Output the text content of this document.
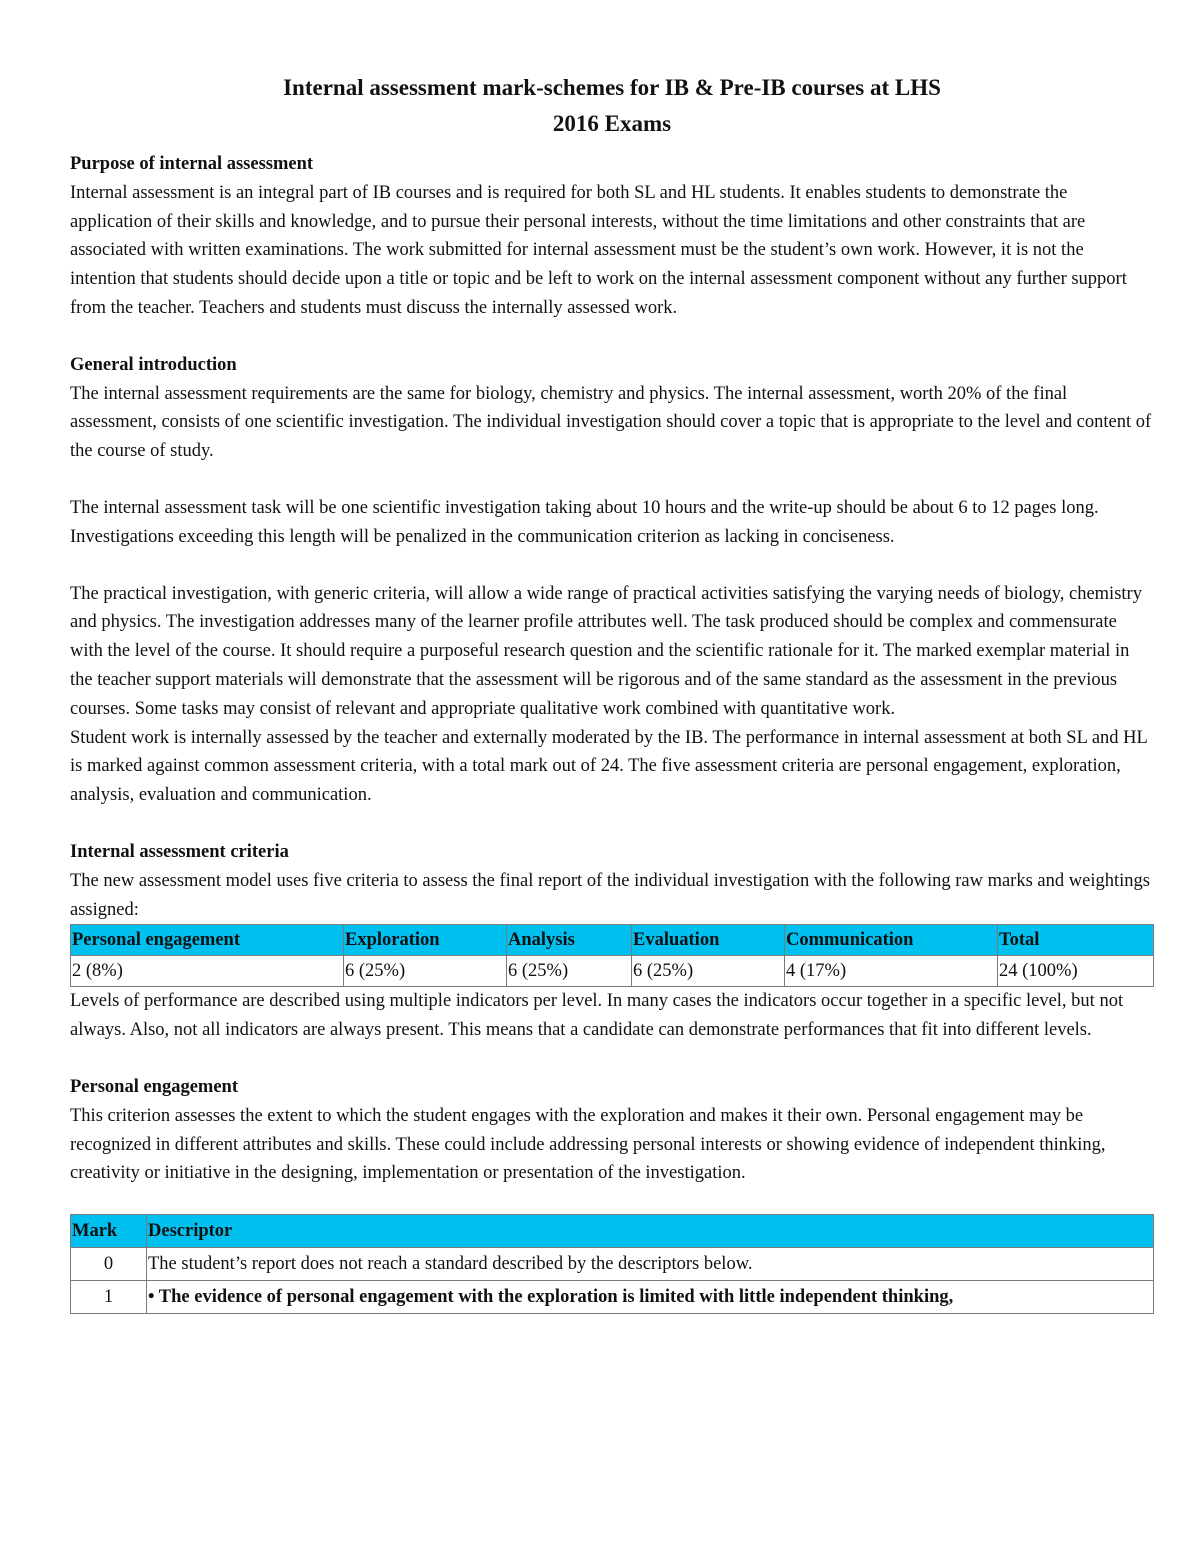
Internal assessment mark-schemes for IB & Pre-IB courses at LHS
2016 Exams
Purpose of internal assessment

Internal assessment is an integral part of IB courses and is required for both SL and HL students. It enables students to demonstrate the application of their skills and knowledge, and to pursue their personal interests, without the time limitations and other constraints that are associated with written examinations. The work submitted for internal assessment must be the student’s own work. However, it is not the intention that students should decide upon a title or topic and be left to work on the internal assessment component without any further support from the teacher. Teachers and students must discuss the internally assessed work.

General introduction

The internal assessment requirements are the same for biology, chemistry and physics. The internal assessment, worth 20% of the final assessment, consists of one scientific investigation. The individual investigation should cover a topic that is appropriate to the level and content of the course of study.

The internal assessment task will be one scientific investigation taking about 10 hours and the write-up should be about 6 to 12 pages long. Investigations exceeding this length will be penalized in the communication criterion as lacking in conciseness.

The practical investigation, with generic criteria, will allow a wide range of practical activities satisfying the varying needs of biology, chemistry and physics. The investigation addresses many of the learner profile attributes well. The task produced should be complex and commensurate with the level of the course. It should require a purposeful research question and the scientific rationale for it. The marked exemplar material in the teacher support materials will demonstrate that the assessment will be rigorous and of the same standard as the assessment in the previous courses. Some tasks may consist of relevant and appropriate qualitative work combined with quantitative work.

Student work is internally assessed by the teacher and externally moderated by the IB. The performance in internal assessment at both SL and HL is marked against common assessment criteria, with a total mark out of 24. The five assessment criteria are personal engagement, exploration, analysis, evaluation and communication.

Internal assessment criteria

The new assessment model uses five criteria to assess the final report of the individual investigation with the following raw marks and weightings assigned:

Personal engagement	Exploration	Analysis	Evaluation	Communication	Total
2 (8%)	6 (25%)	6 (25%)	6 (25%)	4 (17%)	24 (100%)

Levels of performance are described using multiple indicators per level. In many cases the indicators occur together in a specific level, but not always. Also, not all indicators are always present. This means that a candidate can demonstrate performances that fit into different levels.

Personal engagement

This criterion assesses the extent to which the student engages with the exploration and makes it their own. Personal engagement may be recognized in different attributes and skills. These could include addressing personal interests or showing evidence of independent thinking, creativity or initiative in the designing, implementation or presentation of the investigation.

Mark	Descriptor
0	The student’s report does not reach a standard described by the descriptors below.
1	• The evidence of personal engagement with the exploration is limited with little independent thinking,
